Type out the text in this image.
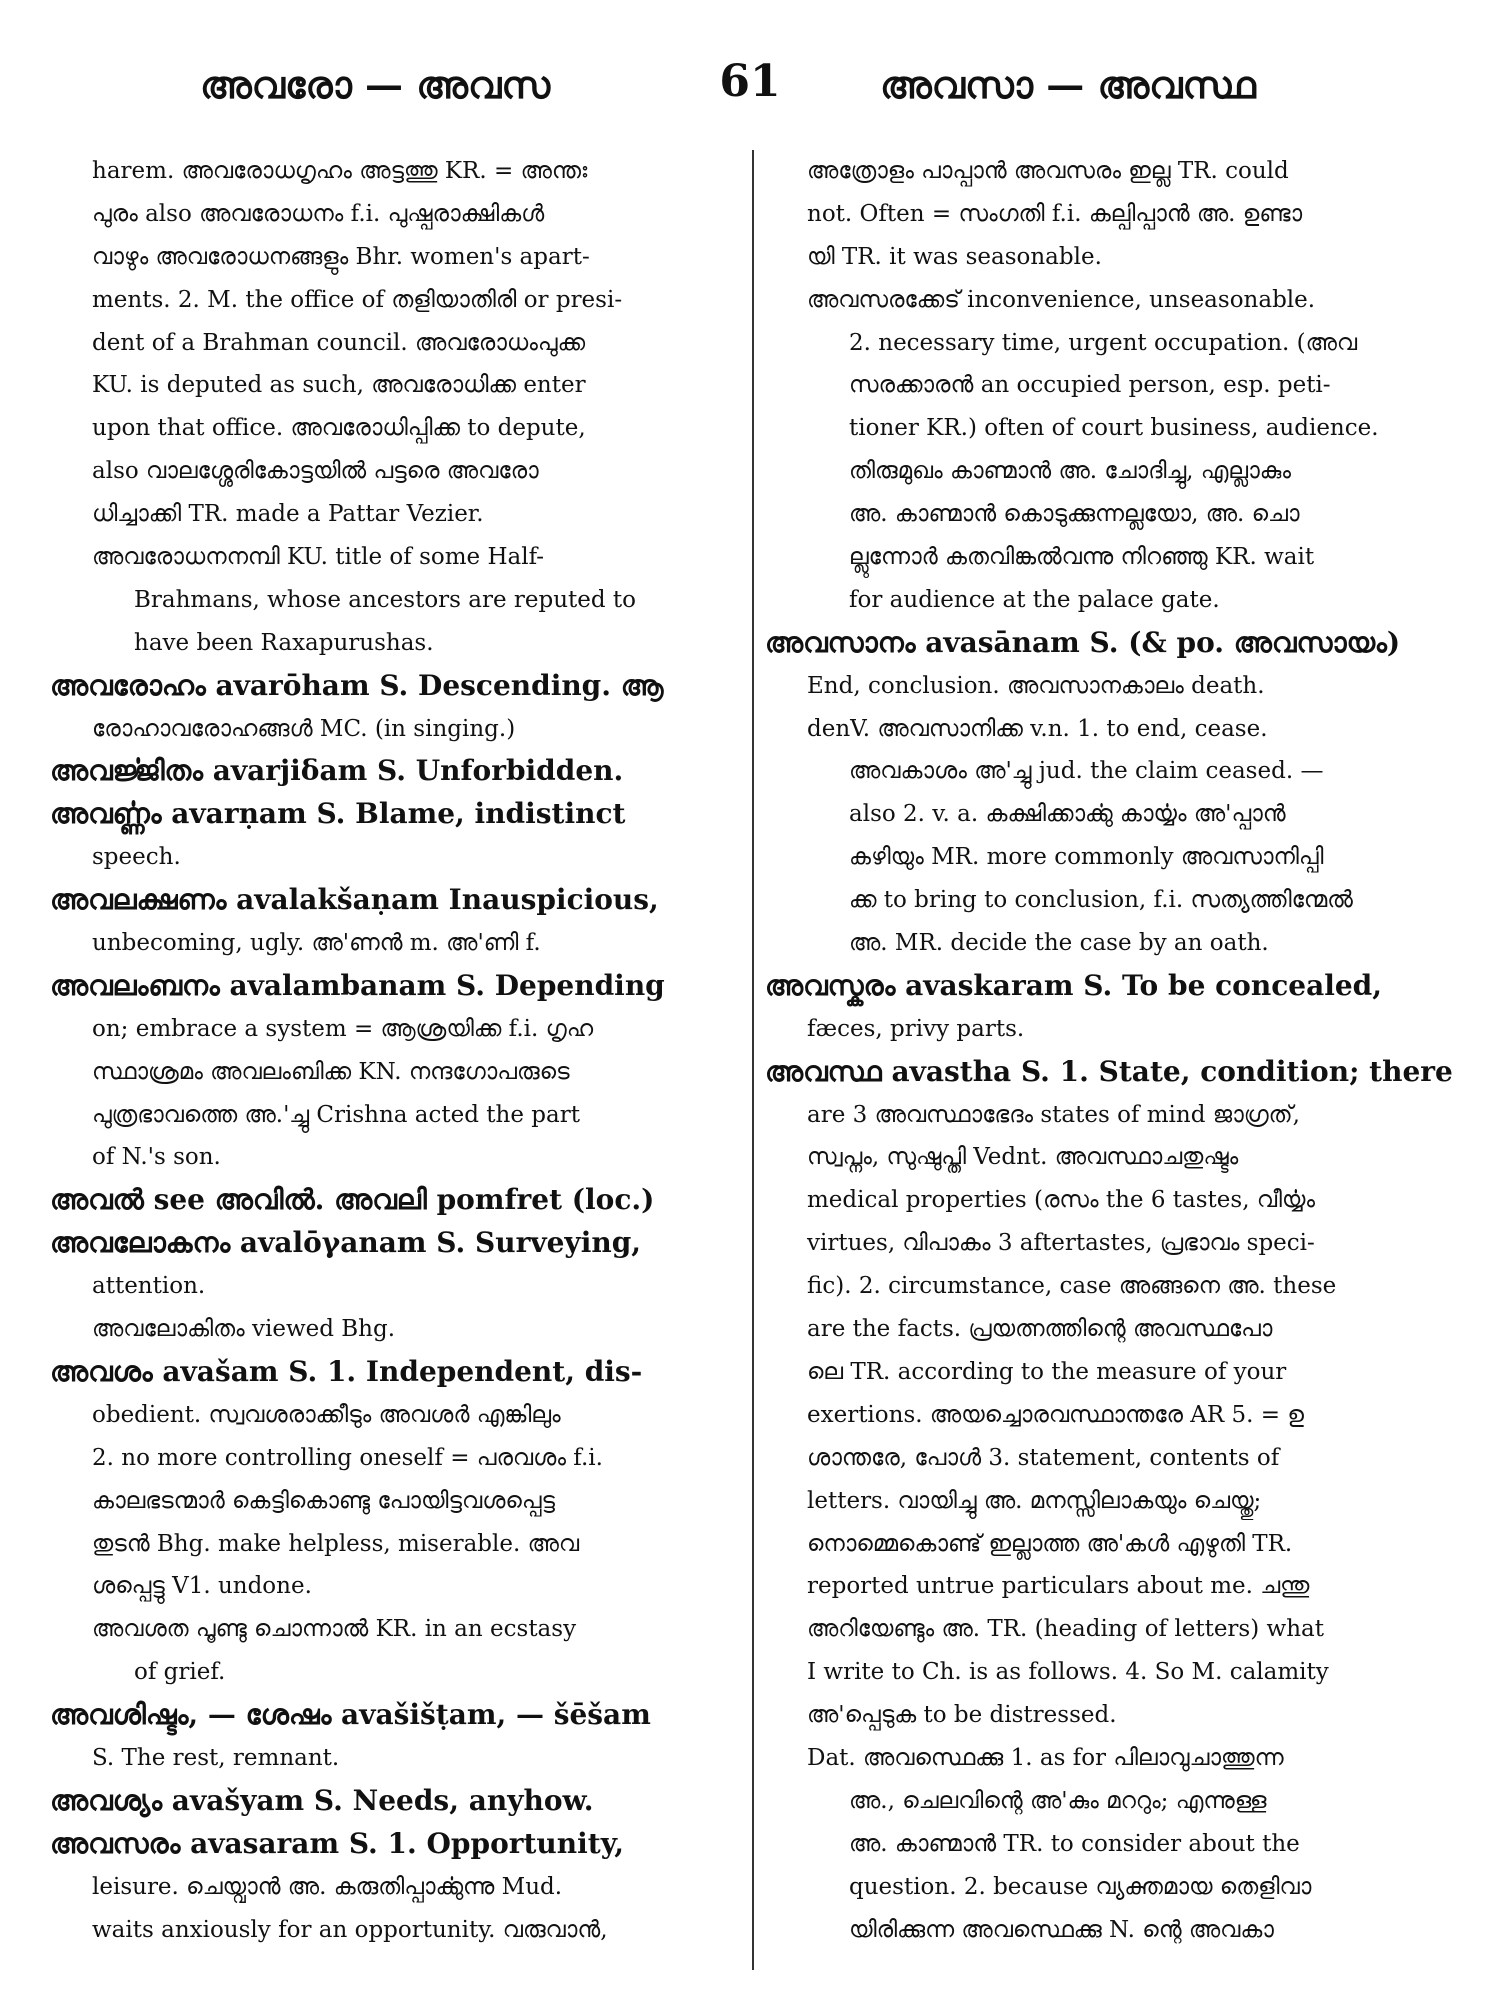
അവരോ — അവസ	61	അവസാ — അവസ്ഥ
harem. അവരോധഗൃഹം അട്ടത്തു KR. = അന്തഃ
പുരം also അവരോധനം f.i. പുഷ്പരാക്ഷികൾ
വാഴും അവരോധനങ്ങളും Bhr. women's apart-
ments. 2. M. the office of തളിയാതിരി or presi-
dent of a Brahman council. അവരോധംപുക്ക
KU. is deputed as such, അവരോധിക്ക enter
upon that office. അവരോധിപ്പിക്ക to depute,
also വാലശ്ശേരികോട്ടയിൽ പട്ടരെ അവരോ
ധിച്ചാക്കി TR. made a Pattar Vezier.
അവരോധനനമ്പി KU. title of some Half-
Brahmans, whose ancestors are reputed to
have been Raxapurushas.
അവരോഹം avarōham S. Descending. ആ
രോഹാവരോഹങ്ങൾ MC. (in singing.)
അവൎജ്ജിതം avarjiδam S. Unforbidden.
അവൎണ്ണം avarṇam S. Blame, indistinct
speech.
അവലക്ഷണം avalakšaṇam Inauspicious,
unbecoming, ugly. അ'ണൻ m. അ'ണി f.
അവലംബനം avalambanam S. Depending
on; embrace a system = ആശ്രയിക്ക f.i. ഗൃഹ
സ്ഥാശ്രമം അവലംബിക്ക KN. നന്ദഗോപരുടെ
പുത്രഭാവത്തെ അ.'ച്ചു Crishna acted the part
of N.'s son.
അവൽ see അവിൽ. അവലി pomfret (loc.)
അവലോകനം avalōγanam S. Surveying,
attention.
അവലോകിതം viewed Bhg.
അവശം avašam S. 1. Independent, dis-
obedient. സ്വവശരാക്കീടും അവശർ എങ്കിലും
2. no more controlling oneself = പരവശം f.i.
കാലഭടന്മാർ കെട്ടികൊണ്ടു പോയിട്ടവശപ്പെട്ട
തുടൻ Bhg. make helpless, miserable. അവ
ശപ്പെട്ടു V1. undone.
അവശത പൂണ്ടു ചൊന്നാൽ KR. in an ecstasy
of grief.
അവശിഷ്ടം, — ശേഷം avašišṭam, — šēšam
S. The rest, remnant.
അവശ്യം avašyam S. Needs, anyhow.
അവസരം avasaram S. 1. Opportunity,
leisure. ചെയ്വാൻ അ. കരുതിപ്പാൎക്കുന്നു Mud.
waits anxiously for an opportunity. വരുവാൻ,
അത്രോളം പാപ്പാൻ അവസരം ഇല്ല TR. could
not. Often = സംഗതി f.i. കല്പിപ്പാൻ അ. ഉണ്ടാ
യി TR. it was seasonable.
അവസരക്കേട് inconvenience, unseasonable.
2. necessary time, urgent occupation. (അവ
സരക്കാരൻ an occupied person, esp. peti-
tioner KR.) often of court business, audience.
തിരുമുഖം കാണ്മാൻ അ. ചോദിച്ചു, എല്ലാകും
അ. കാണ്മാൻ കൊടുക്കുന്നല്ലയോ, അ. ചൊ
ല്ലുന്നോർ കതവിങ്കൽവന്നു നിറഞ്ഞു KR. wait
for audience at the palace gate.
അവസാനം avasānam S. (& po. അവസായം)
End, conclusion. അവസാനകാലം death.
denV. അവസാനിക്ക v.n. 1. to end, cease.
അവകാശം അ'ച്ചു jud. the claim ceased. —
also 2. v. a. കക്ഷിക്കാൎക്കു കാൎയ്യം അ'പ്പാൻ
കഴിയും MR. more commonly അവസാനിപ്പി
ക്ക to bring to conclusion, f.i. സത്യത്തിന്മേൽ
അ. MR. decide the case by an oath.
അവസ്കരം avaskaram S. To be concealed,
fæces, privy parts.
അവസ്ഥ avastha S. 1. State, condition; there
are 3 അവസ്ഥാഭേദം states of mind ജാഗ്രത്,
സ്വപ്നം, സുഷുപ്തി Vednt. അവസ്ഥാചതുഷ്ടം
medical properties (രസം the 6 tastes, വീൎയ്യം
virtues, വിപാകം 3 aftertastes, പ്രഭാവം speci-
fic). 2. circumstance, case അങ്ങനെ അ. these
are the facts. പ്രയത്നത്തിന്റെ അവസ്ഥപോ
ലെ TR. according to the measure of your
exertions. അയച്ചൊരവസ്ഥാന്തരേ AR 5. = ഉ
ശാന്തരേ, പോൾ 3. statement, contents of
letters. വായിച്ചു അ. മനസ്സിലാകയും ചെയ്തു;
നൊമ്മെകൊണ്ട് ഇല്ലാത്ത അ'കൾ എഴുതി TR.
reported untrue particulars about me. ചന്തു
അറിയേണ്ടും അ. TR. (heading of letters) what
I write to Ch. is as follows. 4. So M. calamity
അ'പ്പെടുക to be distressed.
Dat. അവസ്ഥെക്കു 1. as for പിലാവുചാത്തുന്ന
അ., ചെലവിന്റെ അ'കും മററും; എന്നുള്ള
അ. കാണ്മാൻ TR. to consider about the
question. 2. because വ്യക്തമായ തെളിവാ
യിരിക്കുന്ന അവസ്ഥെക്കു N. ന്റെ അവകാ
